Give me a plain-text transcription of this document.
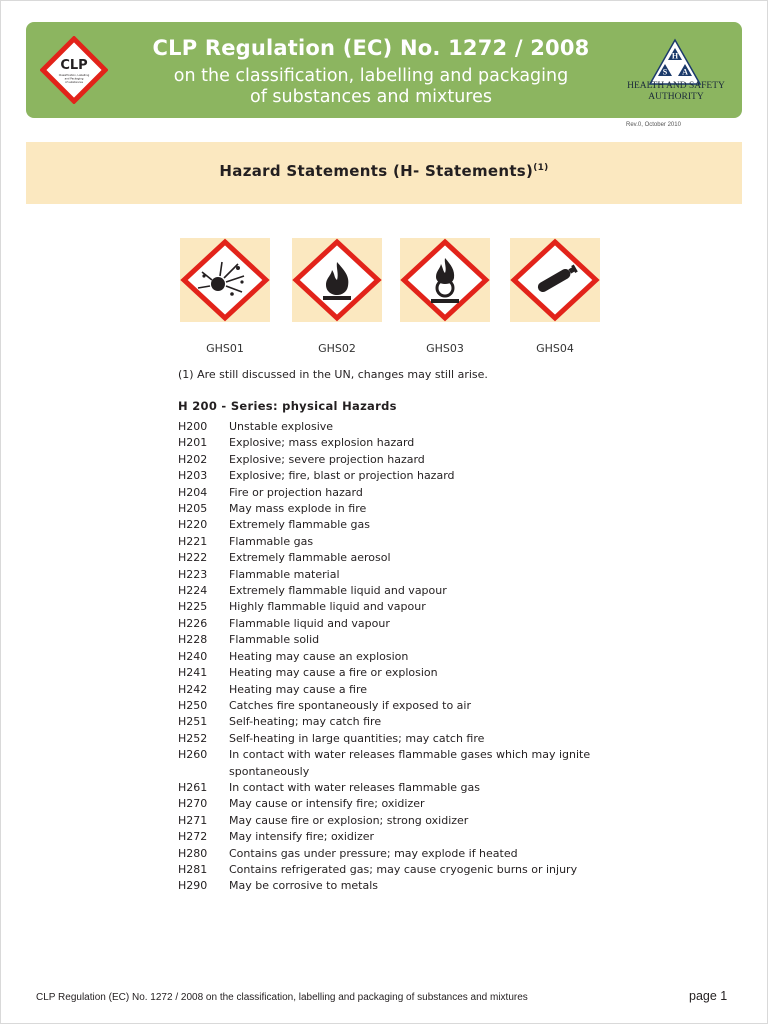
CLP
Classification, Labelling
and Packaging
of substances
CLP Regulation (EC) No. 1272 / 2008
on the classification, labelling and packaging
of substances and mixtures
H
S A
HEALTH AND SAFETY
AUTHORITY
Rev.0, October 2010
Hazard Statements (H- Statements)$^{(1)}$
GHS01	GHS02	GHS03	GHS04
(1) Are still discussed in the UN, changes may still arise.
H 200 - Series: physical Hazards
H200	Unstable explosive
H201	Explosive; mass explosion hazard
H202	Explosive; severe projection hazard
H203	Explosive; fire, blast or projection hazard
H204	Fire or projection hazard
H205	May mass explode in fire
H220	Extremely flammable gas
H221	Flammable gas
H222	Extremely flammable aerosol
H223	Flammable material
H224	Extremely flammable liquid and vapour
H225	Highly flammable liquid and vapour
H226	Flammable liquid and vapour
H228	Flammable solid
H240	Heating may cause an explosion
H241	Heating may cause a fire or explosion
H242	Heating may cause a fire
H250	Catches fire spontaneously if exposed to air
H251	Self-heating; may catch fire
H252	Self-heating in large quantities; may catch fire
H260	In contact with water releases flammable gases which may ignite spontaneously
H261	In contact with water releases flammable gas
H270	May cause or intensify fire; oxidizer
H271	May cause fire or explosion; strong oxidizer
H272	May intensify fire; oxidizer
H280	Contains gas under pressure; may explode if heated
H281	Contains refrigerated gas; may cause cryogenic burns or injury
H290	May be corrosive to metals
CLP Regulation (EC) No. 1272 / 2008 on the classification, labelling and packaging of substances and mixtures	page 1
